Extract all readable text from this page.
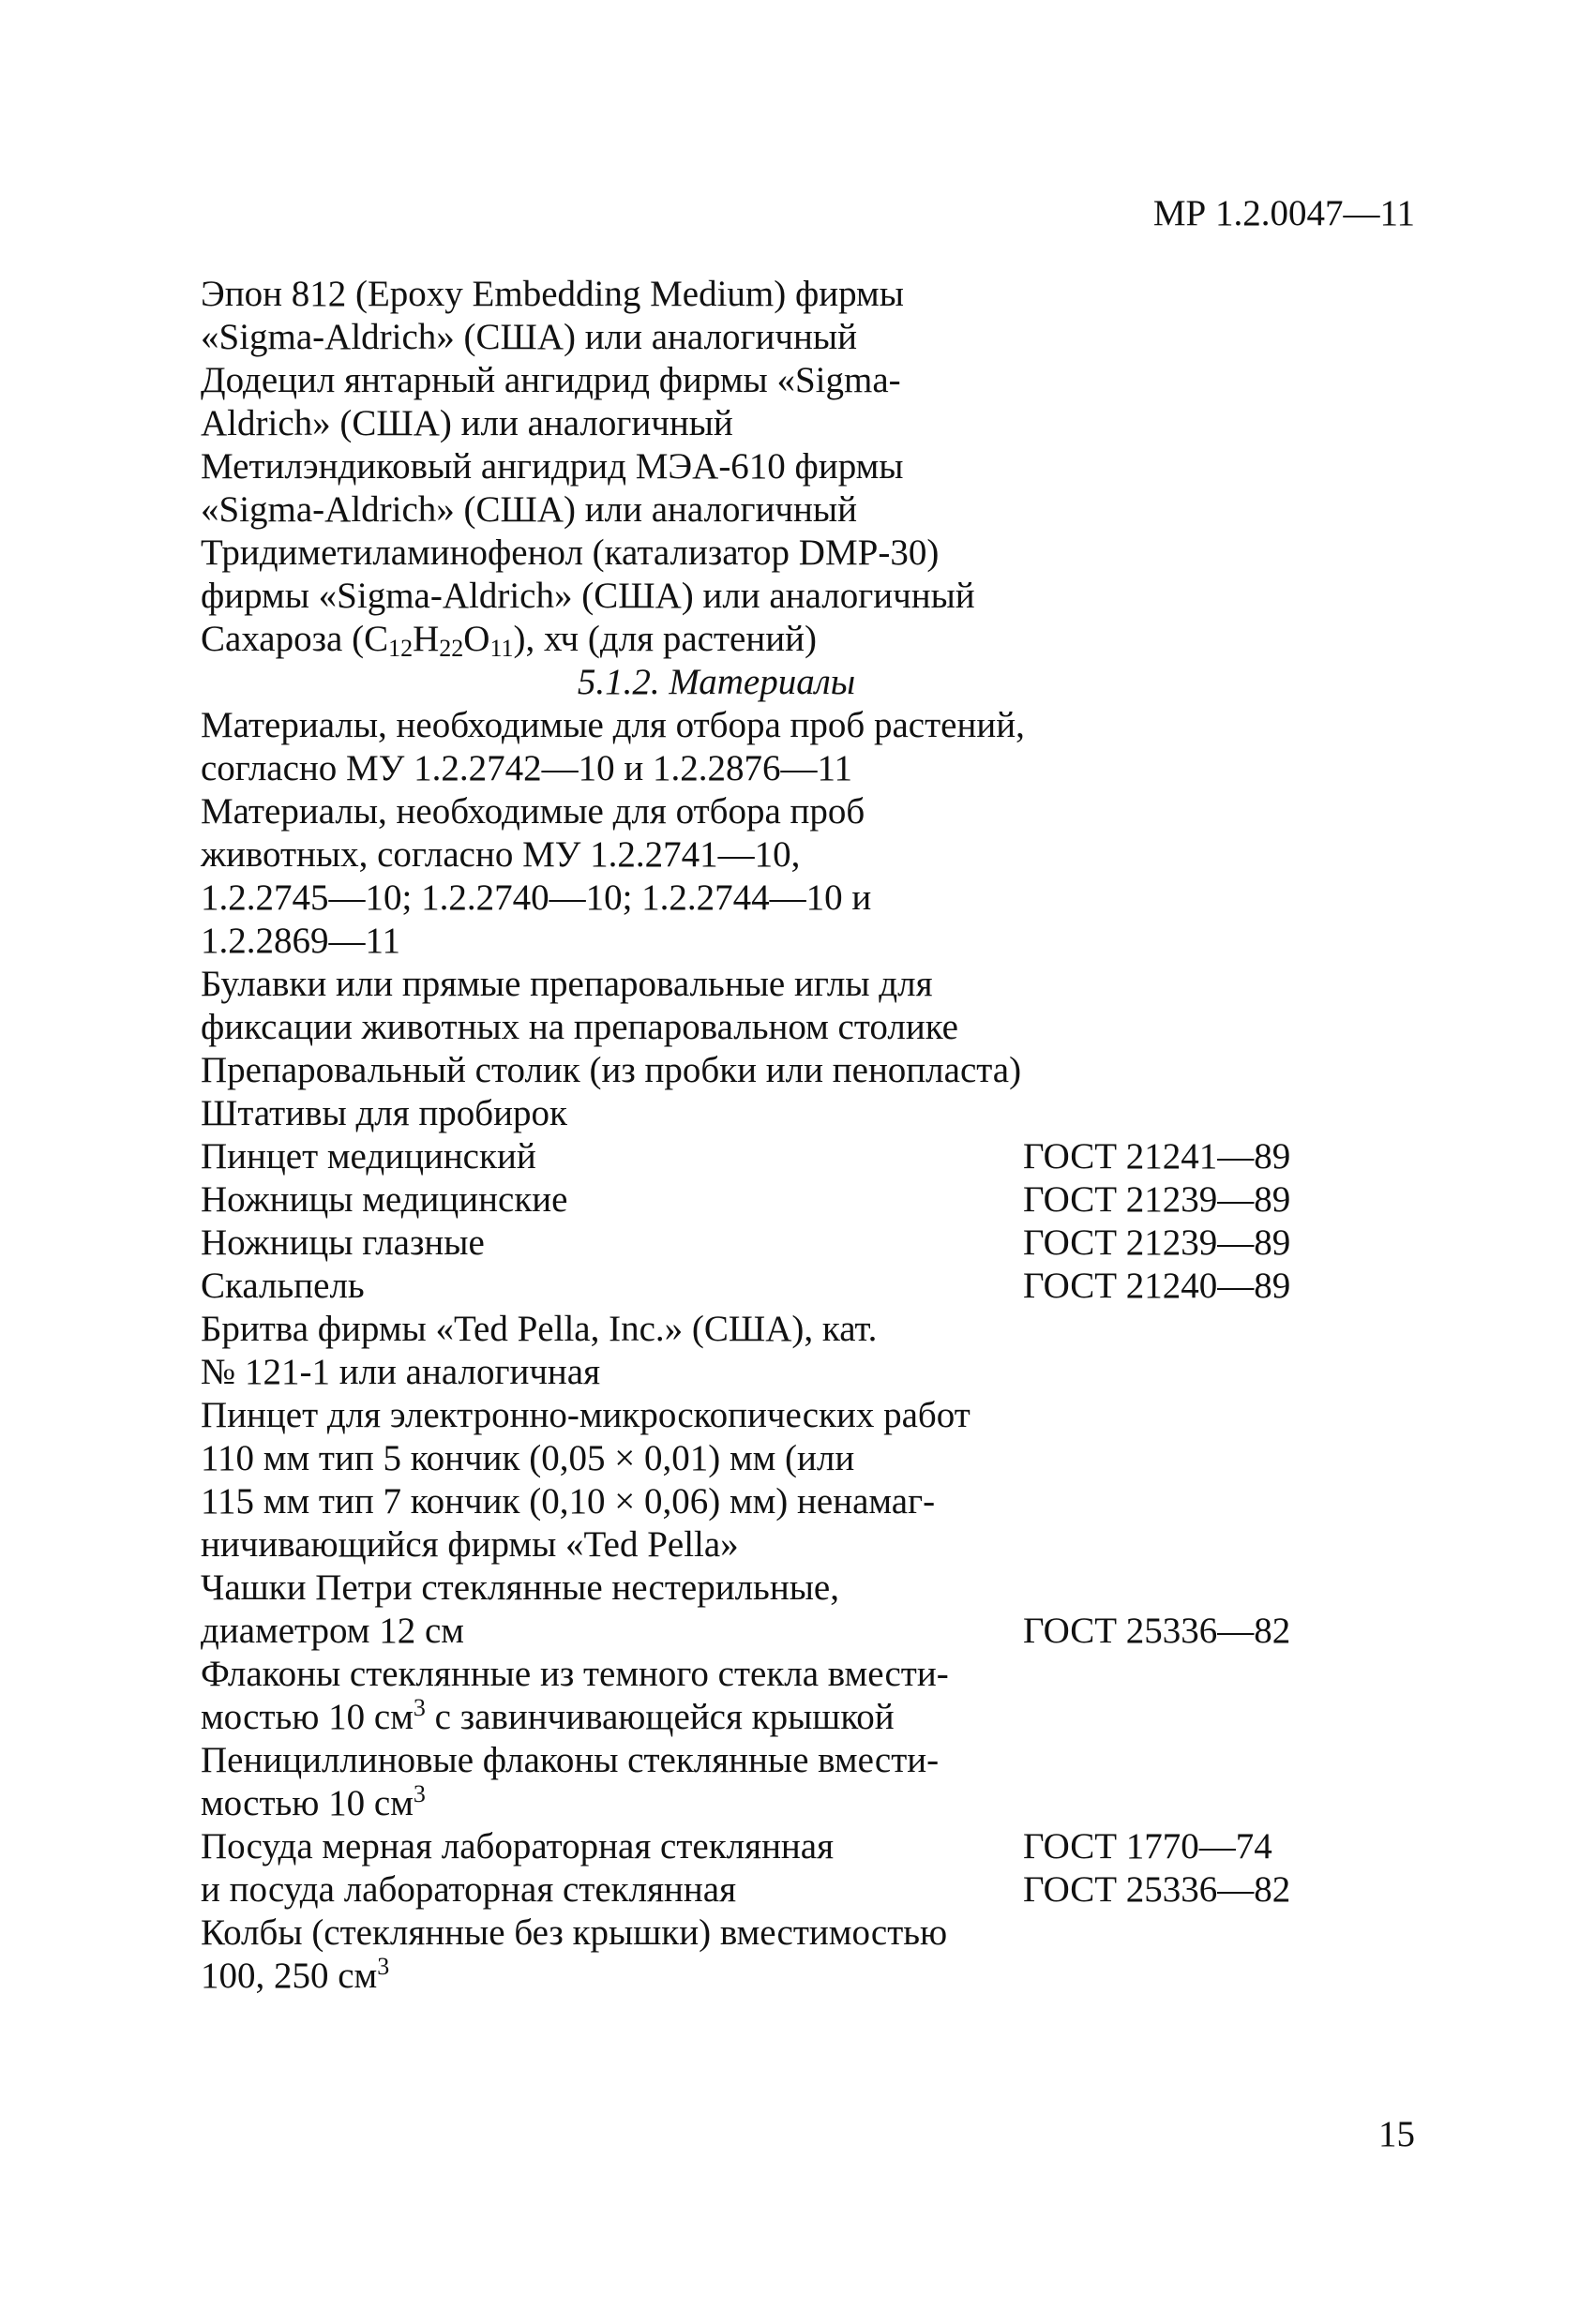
МР 1.2.0047—11
Эпон 812 (Epoxy Embedding Medium) фирмы
«Sigma-Aldrich» (США) или аналогичный
Додецил янтарный ангидрид фирмы «Sigma-
Aldrich» (США) или аналогичный
Метилэндиковый ангидрид МЭА-610 фирмы
«Sigma-Aldrich» (США) или аналогичный
Тридиметиламинофенол (катализатор DMP-30)
фирмы «Sigma-Aldrich» (США) или аналогичный
Сахароза $(C_{12}H_{22}O_{11})$, хч (для растений)
5.1.2. Материалы
Материалы, необходимые для отбора проб растений,
согласно МУ 1.2.2742—10 и 1.2.2876—11
Материалы, необходимые для отбора проб
животных, согласно МУ 1.2.2741—10,
1.2.2745—10; 1.2.2740—10; 1.2.2744—10 и
1.2.2869—11
Булавки или прямые препаровальные иглы для
фиксации животных на препаровальном столике
Препаровальный столик (из пробки или пенопласта)
Штативы для пробирок
Пинцет медицинский	ГОСТ 21241—89
Ножницы медицинские	ГОСТ 21239—89
Ножницы глазные	ГОСТ 21239—89
Скальпель	ГОСТ 21240—89
Бритва фирмы «Ted Pella, Inc.» (США), кат.
№ 121-1 или аналогичная
Пинцет для электронно-микроскопических работ
110 мм тип 5 кончик (0,05 × 0,01) мм (или
115 мм тип 7 кончик (0,10 × 0,06) мм) ненамаг-
ничивающийся фирмы «Ted Pella»
Чашки Петри стеклянные нестерильные,
диаметром 12 см	ГОСТ 25336—82
Флаконы стеклянные из темного стекла вмести-
мостью 10 $см^3$ с завинчивающейся крышкой
Пенициллиновые флаконы стеклянные вмести-
мостью 10 $см^3$
Посуда мерная лабораторная стеклянная	ГОСТ 1770—74
и посуда лабораторная стеклянная	ГОСТ 25336—82
Колбы (стеклянные без крышки) вместимостью
100, 250 $см^3$
15
